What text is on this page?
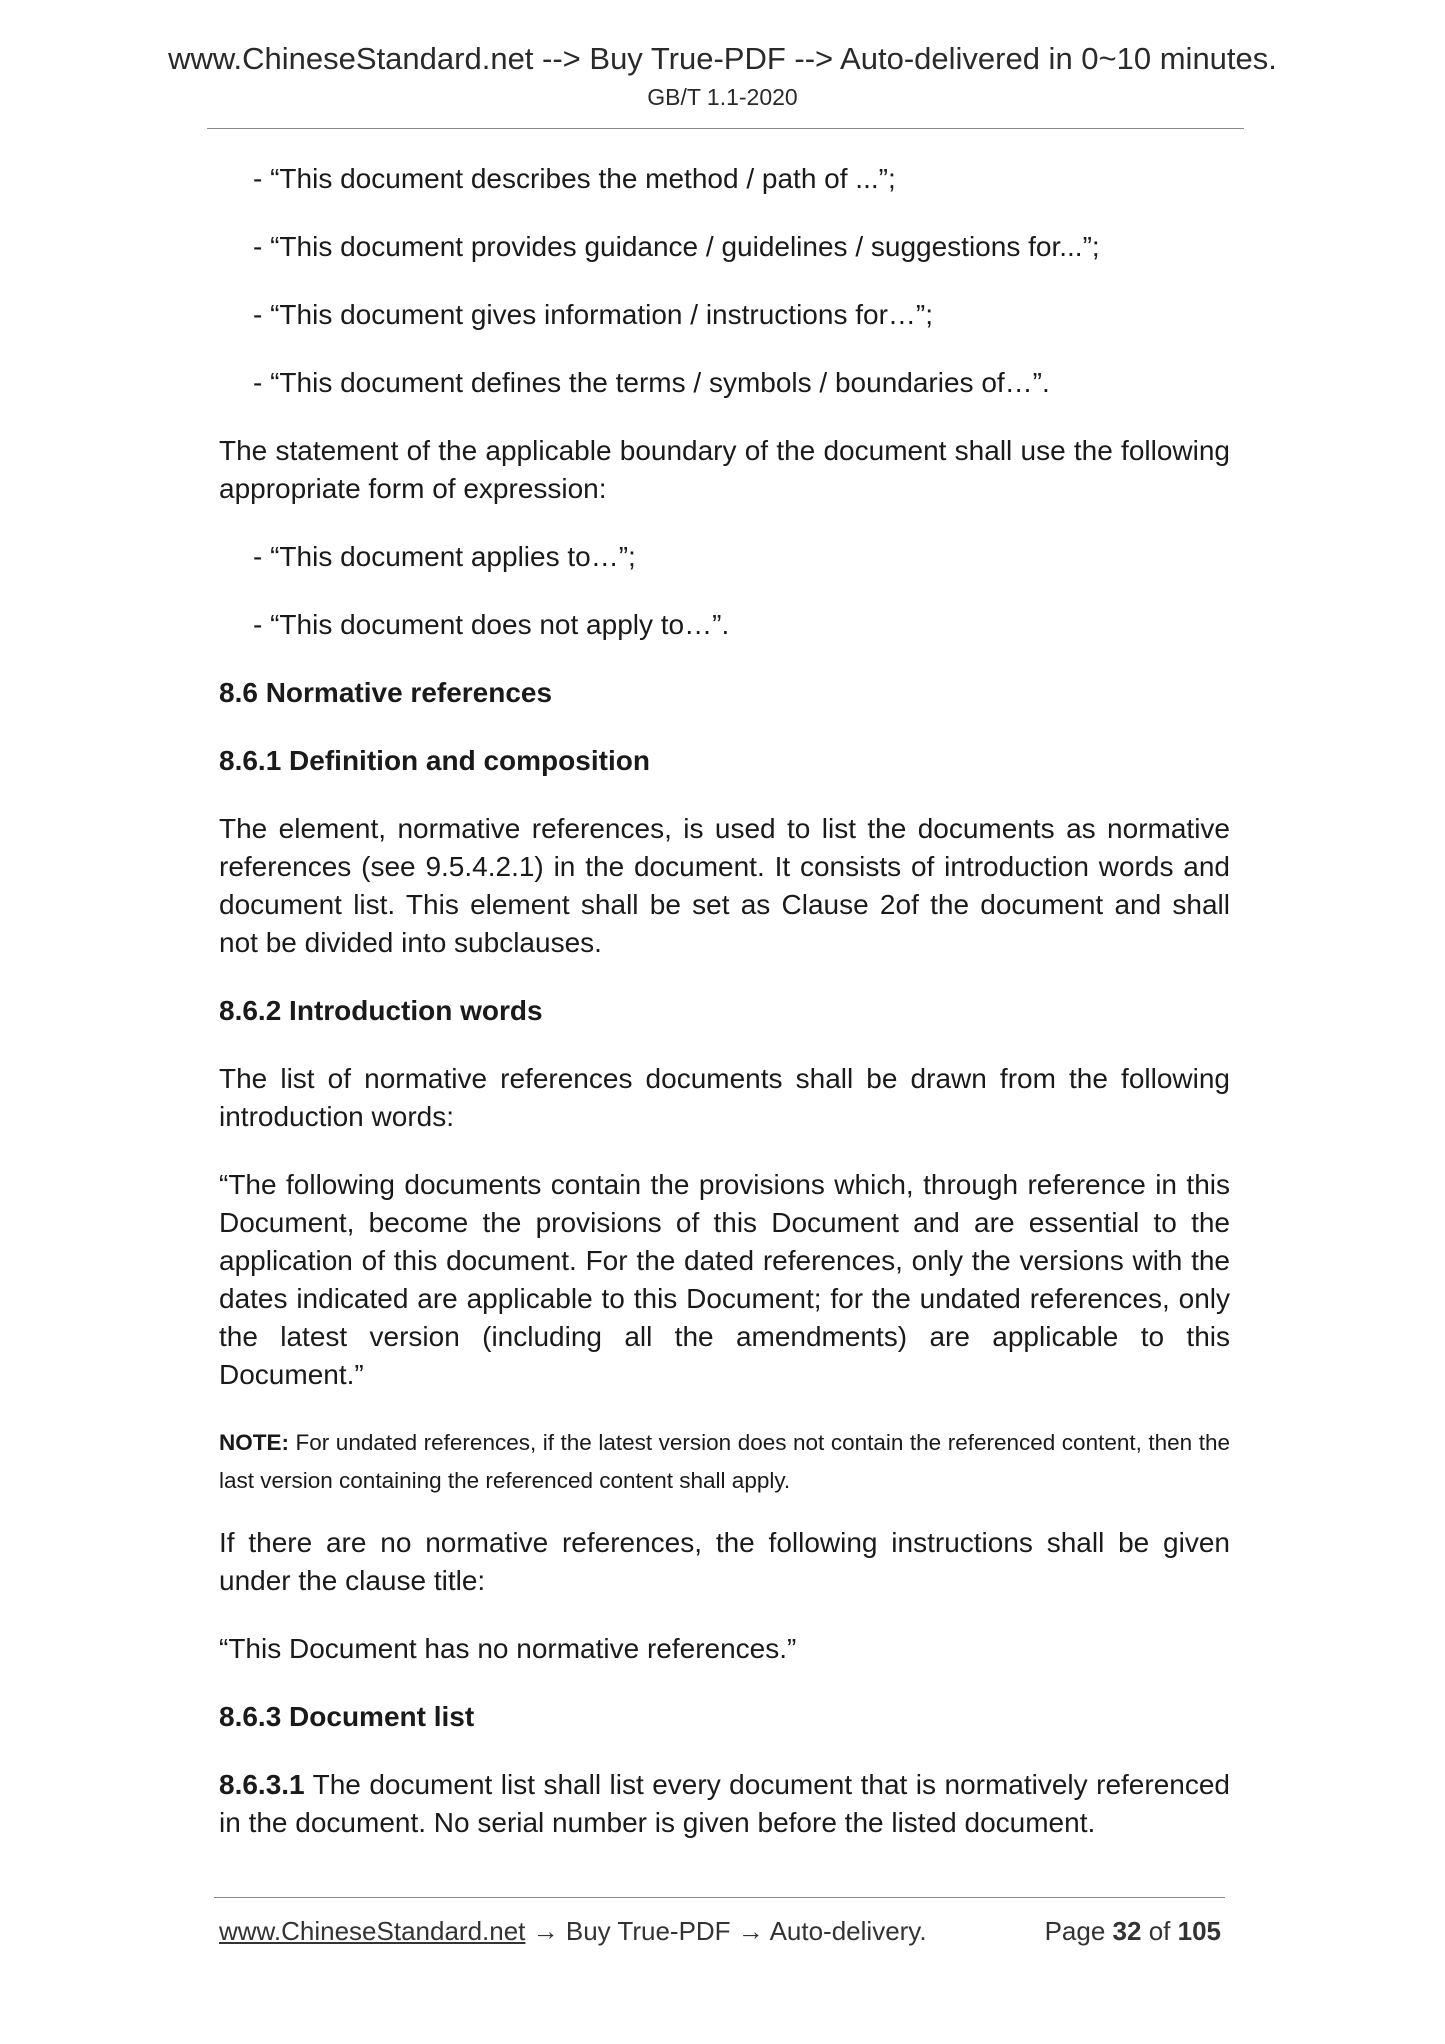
www.ChineseStandard.net --> Buy True-PDF --> Auto-delivered in 0~10 minutes.
GB/T 1.1-2020

- “This document describes the method / path of ...”;

- “This document provides guidance / guidelines / suggestions for...”;

- “This document gives information / instructions for…”;

- “This document defines the terms / symbols / boundaries of…”.

The statement of the applicable boundary of the document shall use the following appropriate form of expression:

- “This document applies to…”;

- “This document does not apply to…”.

8.6 Normative references

8.6.1 Definition and composition

The element, normative references, is used to list the documents as normative references (see 9.5.4.2.1) in the document. It consists of introduction words and document list. This element shall be set as Clause 2of the document and shall not be divided into subclauses.

8.6.2 Introduction words

The list of normative references documents shall be drawn from the following introduction words:

“The following documents contain the provisions which, through reference in this Document, become the provisions of this Document and are essential to the application of this document. For the dated references, only the versions with the dates indicated are applicable to this Document; for the undated references, only the latest version (including all the amendments) are applicable to this Document.”

NOTE: For undated references, if the latest version does not contain the referenced content, then the last version containing the referenced content shall apply.

If there are no normative references, the following instructions shall be given under the clause title:

“This Document has no normative references.”

8.6.3 Document list

8.6.3.1 The document list shall list every document that is normatively referenced in the document. No serial number is given before the listed document.

www.ChineseStandard.net → Buy True-PDF → Auto-delivery.	Page 32 of 105
